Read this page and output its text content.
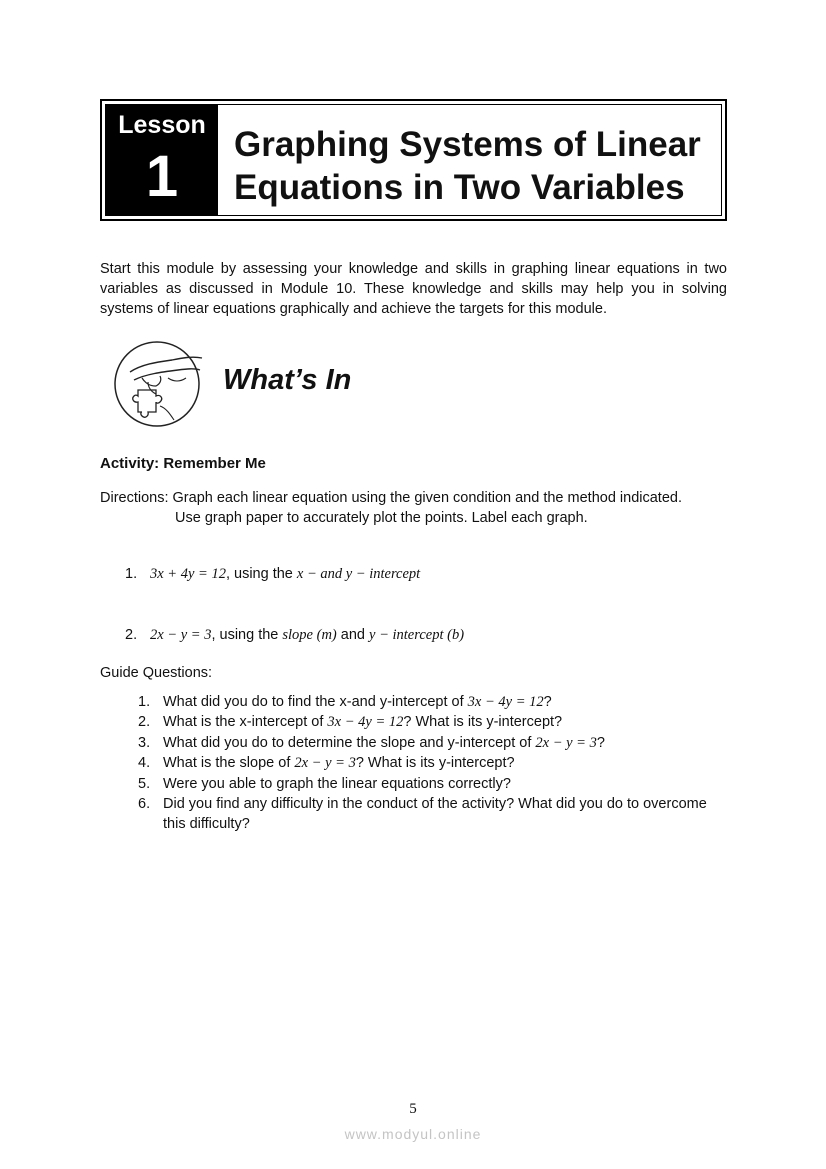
Lesson
1	Graphing Systems of Linear
Equations in Two Variables
Start this module by assessing your knowledge and skills in graphing linear equations in two variables as discussed in Module 10. These knowledge and skills may help you in solving systems of linear equations graphically and achieve the targets for this module.
What’s In
Activity: Remember Me
Directions: Graph each linear equation using the given condition and the method indicated.
Use graph paper to accurately plot the points. Label each graph.
1. 3x + 4y = 12, using the x − and y − intercept
2. 2x − y = 3, using the slope (m) and y − intercept (b)
Guide Questions:
1. What did you do to find the x-and y-intercept of 3x − 4y = 12?
2. What is the x-intercept of 3x − 4y = 12? What is its y-intercept?
3. What did you do to determine the slope and y-intercept of 2x − y = 3?
4. What is the slope of 2x − y = 3? What is its y-intercept?
5. Were you able to graph the linear equations correctly?
6. Did you find any difficulty in the conduct of the activity? What did you do to overcome this difficulty?
5
www.modyul.online
